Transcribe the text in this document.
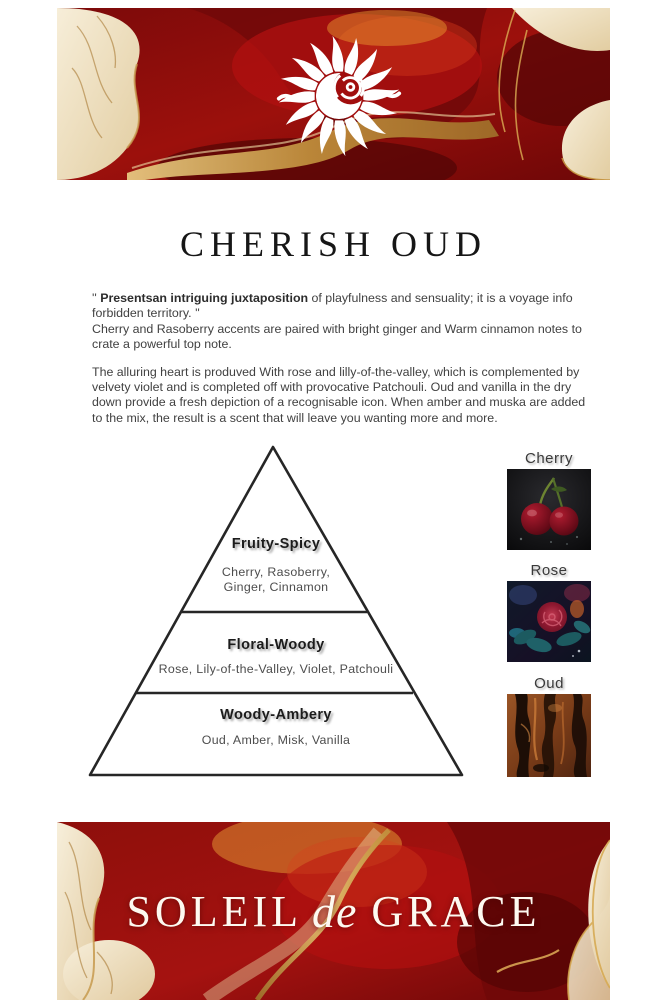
CHERISH OUD

'' Presentsan intriguing juxtaposition of playfulness and sensuality; it is a voyage info forbidden territory. ''
Cherry and Rasoberry accents are paired with bright ginger and Warm cinnamon notes to crate a powerful top note.

The alluring heart is produved With rose and lilly-of-the-valley, which is complemented by velvety violet and is completed off with provocative Patchouli. Oud and vanilla in the dry down provide a fresh depiction of a recognisable icon. When amber and muska are added to the mix, the result is a scent that will leave you wanting more and more.

Fruity-Spicy
Cherry, Rasoberry,
Ginger, Cinnamon
Floral-Woody
Rose, Lily-of-the-Valley, Violet, Patchouli
Woody-Ambery
Oud, Amber, Misk, Vanilla
Cherry
Rose
Oud
SOLEIL de GRACE
